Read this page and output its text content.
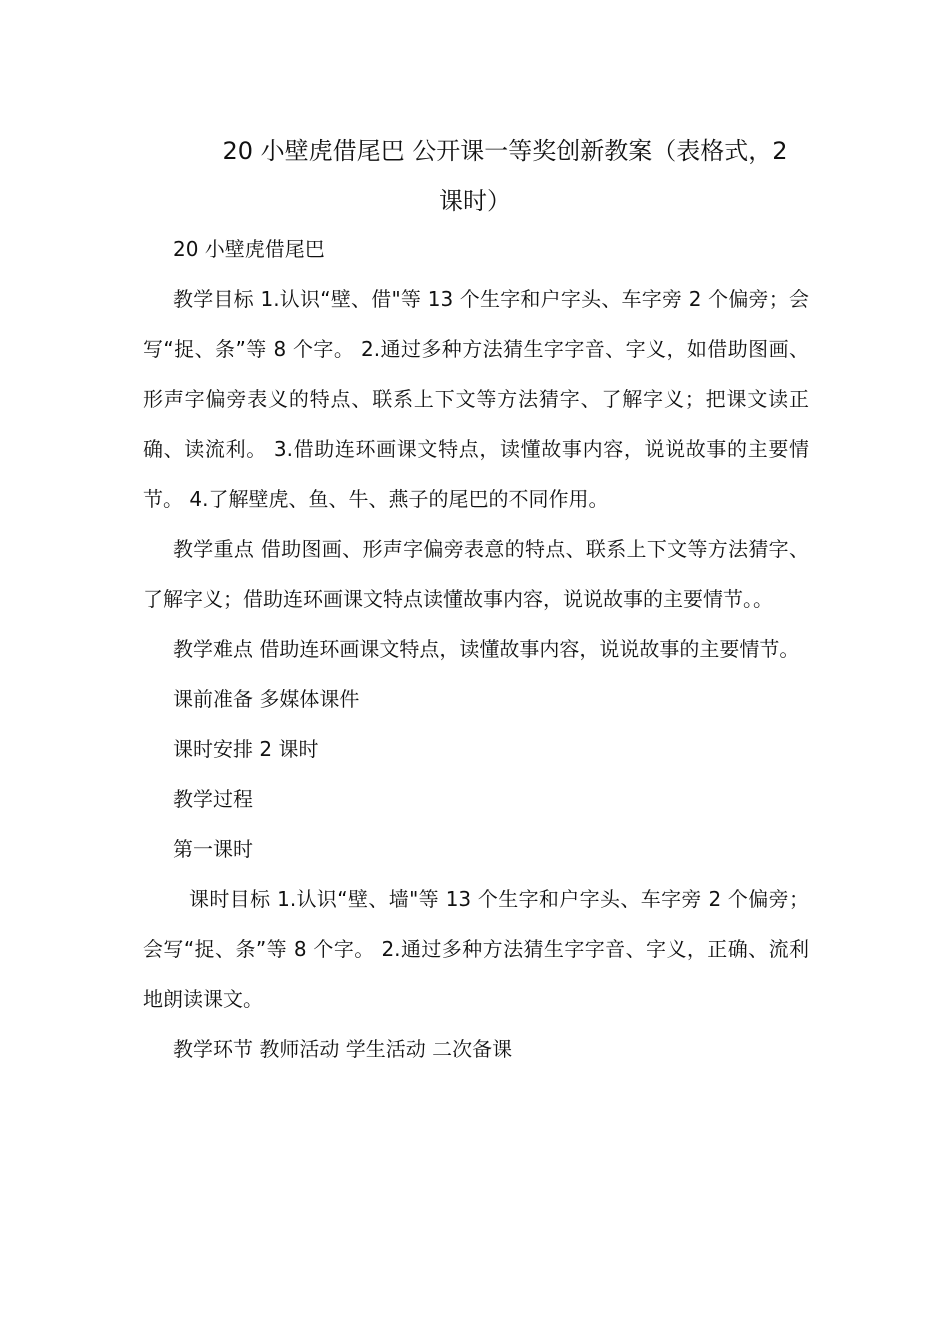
20 小壁虎借尾巴 公开课一等奖创新教案（表格式，2
课时）

20 小壁虎借尾巴

教学目标 1.认识“壁、借"等 13 个生字和户字头、车字旁 2 个偏旁；会写“捉、条”等 8 个字。 2.通过多种方法猜生字字音、字义，如借助图画、形声字偏旁表义的特点、联系上下文等方法猜字、了解字义；把课文读正确、读流利。 3.借助连环画课文特点，读懂故事内容，说说故事的主要情节。 4.了解壁虎、鱼、牛、燕子的尾巴的不同作用。

教学重点 借助图画、形声字偏旁表意的特点、联系上下文等方法猜字、了解字义；借助连环画课文特点读懂故事内容，说说故事的主要情节。。

教学难点 借助连环画课文特点，读懂故事内容，说说故事的主要情节。

课前准备 多媒体课件

课时安排 2 课时

教学过程

第一课时

课时目标 1.认识“壁、墙"等 13 个生字和户字头、车字旁 2 个偏旁；会写“捉、条”等 8 个字。 2.通过多种方法猜生字字音、字义，正确、流利地朗读课文。

教学环节 教师活动 学生活动 二次备课
